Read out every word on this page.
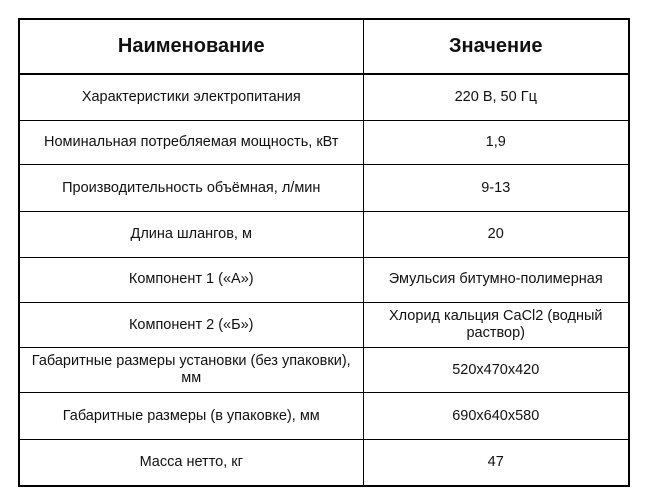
Наименование	Значение
Характеристики электропитания	220 В, 50 Гц
Номинальная потребляемая мощность, кВт	1,9
Производительность объёмная, л/мин	9-13
Длина шлангов, м	20
Компонент 1 («А»)	Эмульсия битумно-полимерная
Компонент 2 («Б»)	Хлорид кальция CaCl2 (водный раствор)
Габаритные размеры установки (без упаковки), мм	520x470x420
Габаритные размеры (в упаковке), мм	690x640x580
Масса нетто, кг	47
